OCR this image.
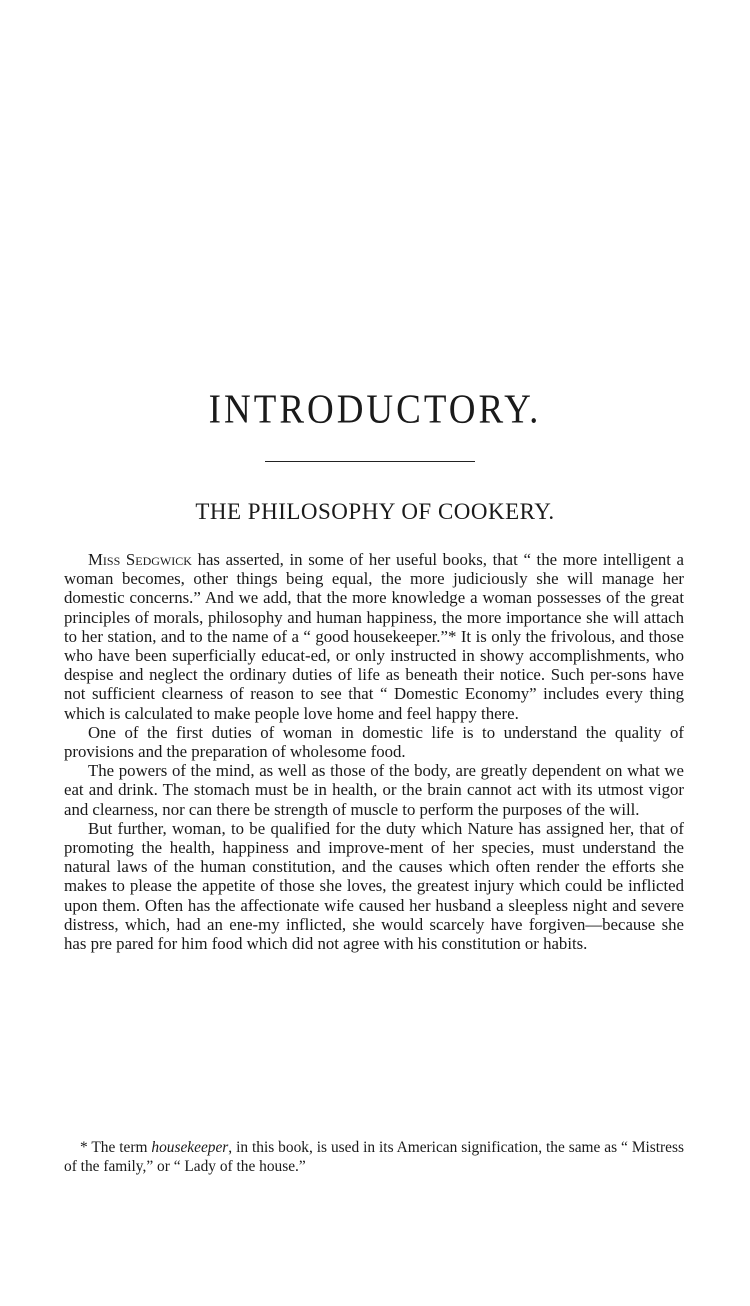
INTRODUCTORY.
THE PHILOSOPHY OF COOKERY.

Miss Sedgwick has asserted, in some of her useful books, that “ the more intelligent a woman becomes, other things being equal, the more judiciously she will manage her domestic concerns.” And we add, that the more knowledge a woman possesses of the great principles of morals, philosophy and human happiness, the more importance she will attach to her station, and to the name of a “ good housekeeper.”* It is only the frivolous, and those who have been superficially educat-ed, or only instructed in showy accomplishments, who despise and neglect the ordinary duties of life as beneath their notice. Such per-sons have not sufficient clearness of reason to see that “ Domestic Economy” includes every thing which is calculated to make people love home and feel happy there.

One of the first duties of woman in domestic life is to understand the quality of provisions and the preparation of wholesome food.

The powers of the mind, as well as those of the body, are greatly dependent on what we eat and drink. The stomach must be in health, or the brain cannot act with its utmost vigor and clearness, nor can there be strength of muscle to perform the purposes of the will.

But further, woman, to be qualified for the duty which Nature has assigned her, that of promoting the health, happiness and improve-ment of her species, must understand the natural laws of the human constitution, and the causes which often render the efforts she makes to please the appetite of those she loves, the greatest injury which could be inflicted upon them. Often has the affectionate wife caused her husband a sleepless night and severe distress, which, had an ene-my inflicted, she would scarcely have forgiven—because she has pre pared for him food which did not agree with his constitution or habits.

* The term housekeeper, in this book, is used in its American signification, the same as “ Mistress of the family,” or “ Lady of the house.”
